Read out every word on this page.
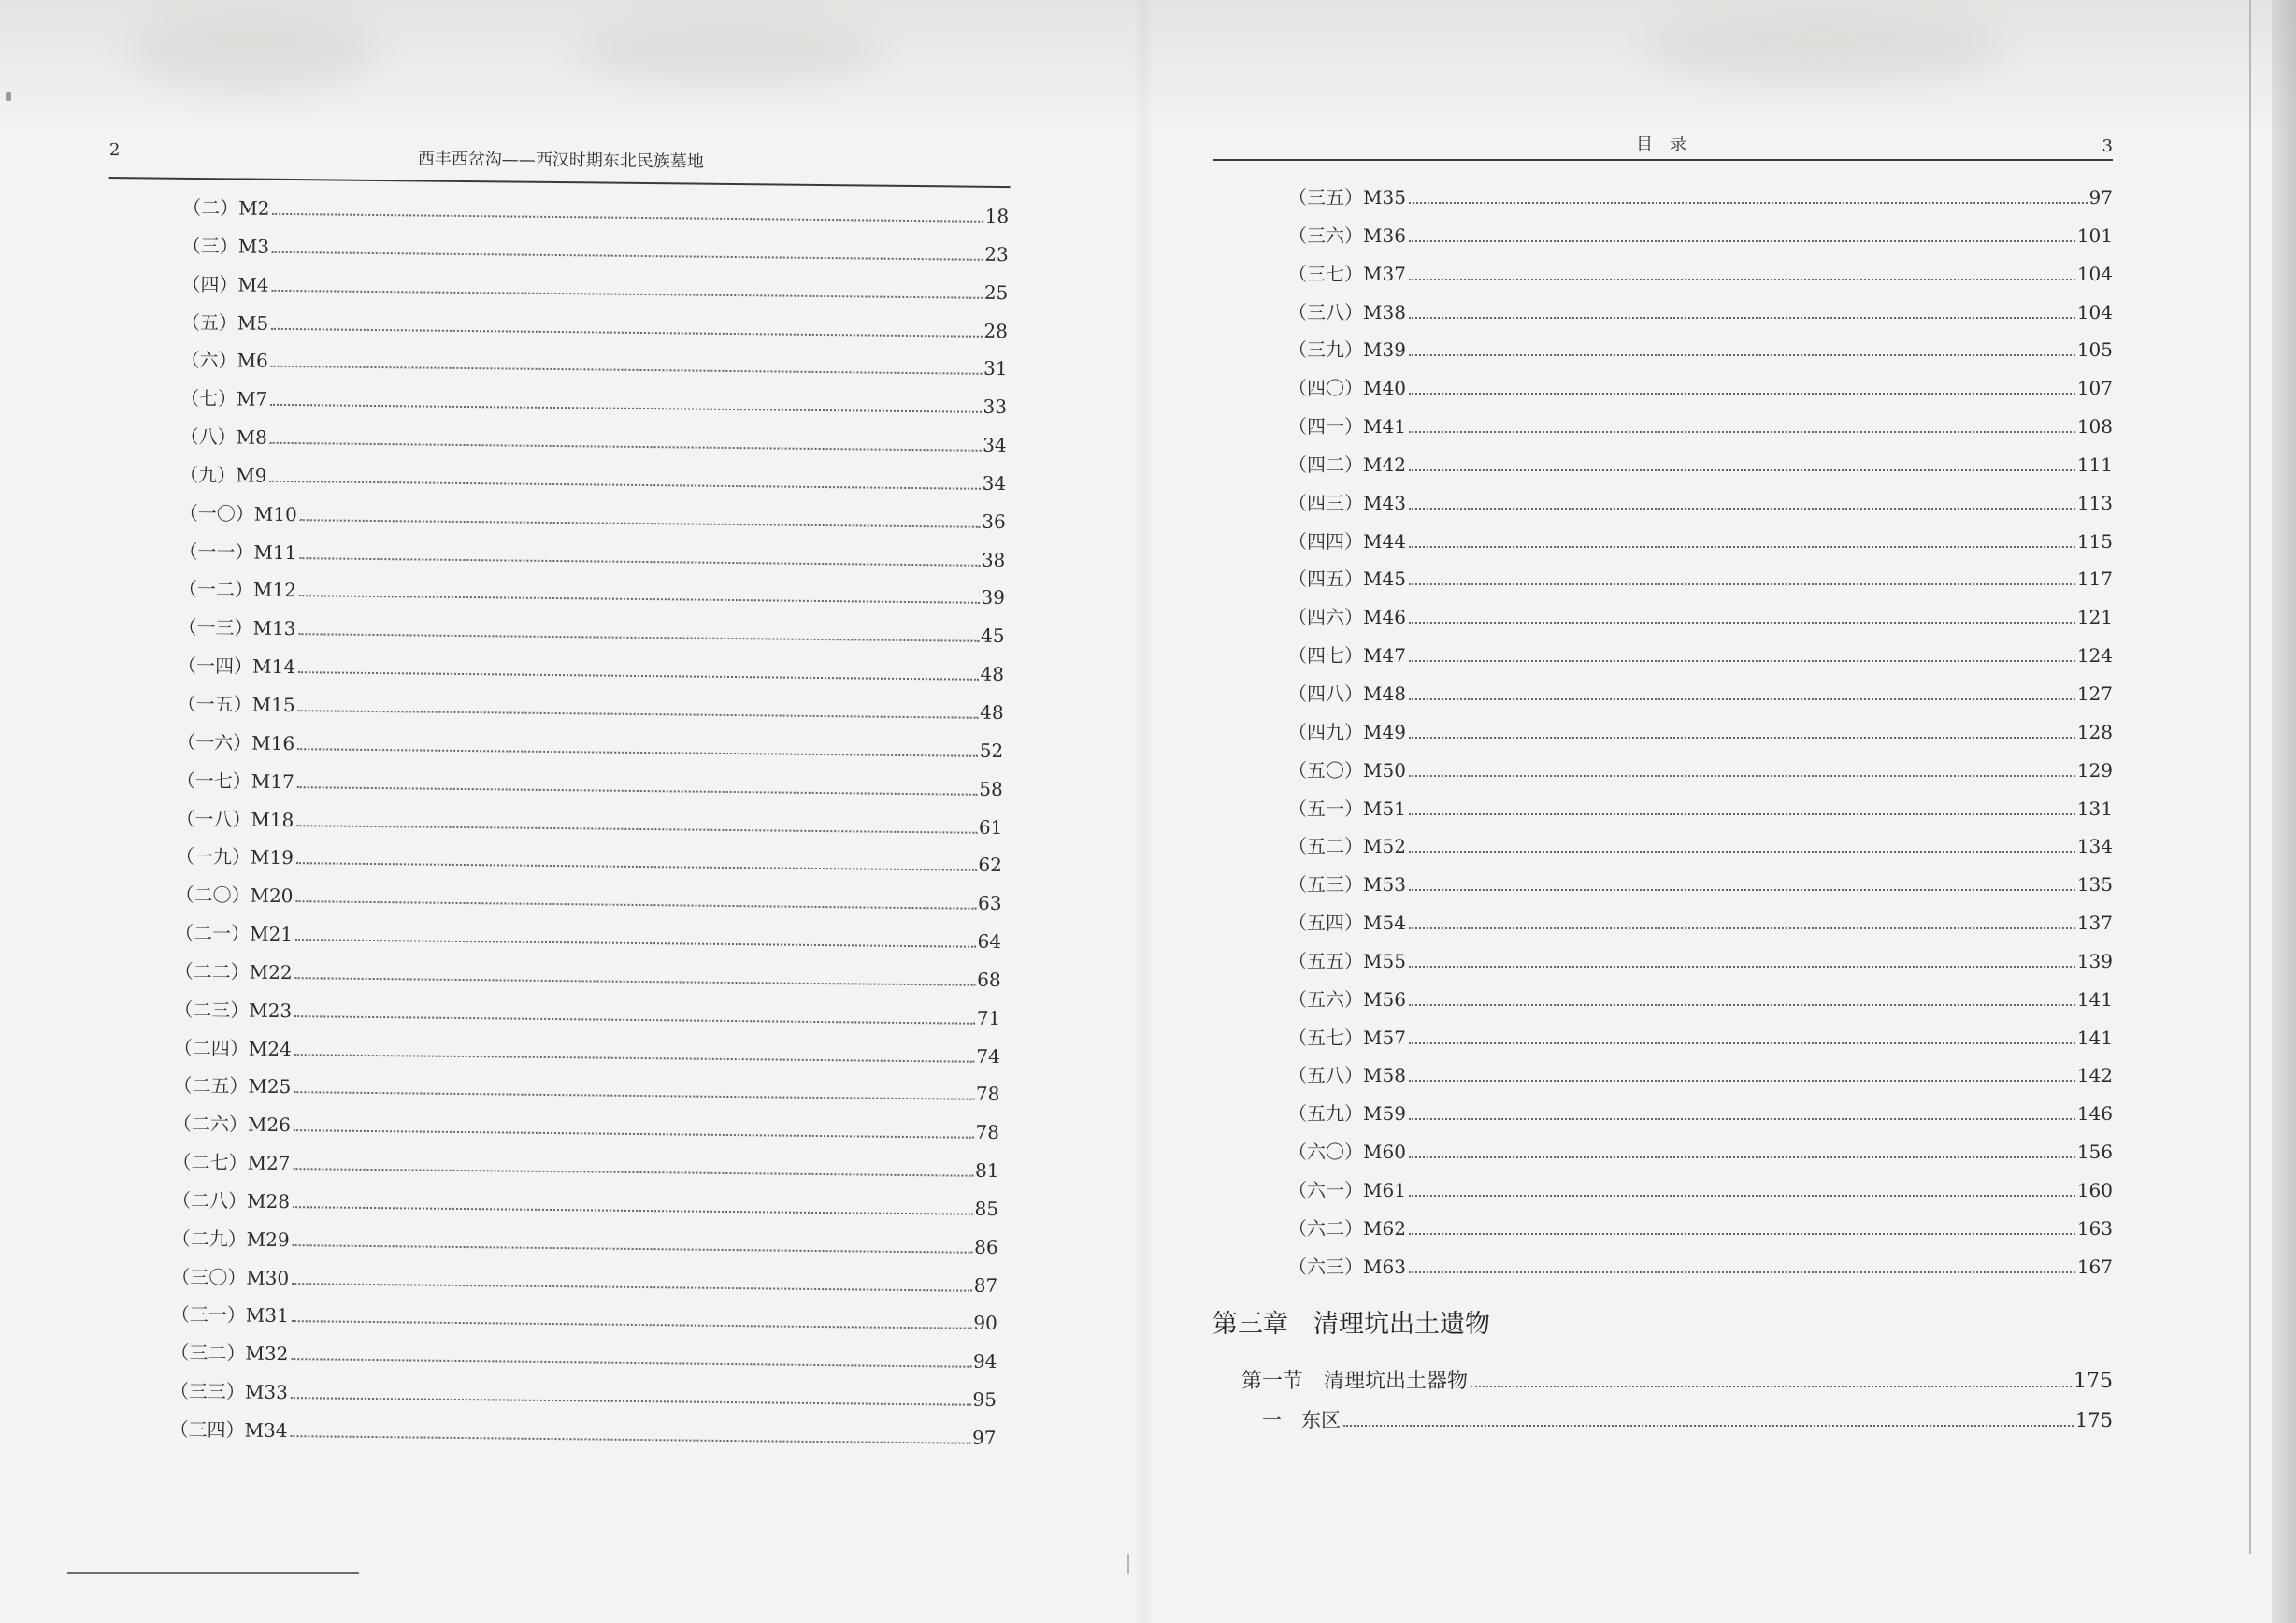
2	西丰西岔沟——西汉时期东北民族墓地
（二）M2	18
（三）M3	23
（四）M4	25
（五）M5	28
（六）M6	31
（七）M7	33
（八）M8	34
（九）M9	34
（一〇）M10	36
（一一）M11	38
（一二）M12	39
（一三）M13	45
（一四）M14	48
（一五）M15	48
（一六）M16	52
（一七）M17	58
（一八）M18	61
（一九）M19	62
（二〇）M20	63
（二一）M21	64
（二二）M22	68
（二三）M23	71
（二四）M24	74
（二五）M25	78
（二六）M26	78
（二七）M27	81
（二八）M28	85
（二九）M29	86
（三〇）M30	87
（三一）M31	90
（三二）M32	94
（三三）M33	95
（三四）M34	97
目　录	3
（三五）M35	97
（三六）M36	101
（三七）M37	104
（三八）M38	104
（三九）M39	105
（四〇）M40	107
（四一）M41	108
（四二）M42	111
（四三）M43	113
（四四）M44	115
（四五）M45	117
（四六）M46	121
（四七）M47	124
（四八）M48	127
（四九）M49	128
（五〇）M50	129
（五一）M51	131
（五二）M52	134
（五三）M53	135
（五四）M54	137
（五五）M55	139
（五六）M56	141
（五七）M57	141
（五八）M58	142
（五九）M59	146
（六〇）M60	156
（六一）M61	160
（六二）M62	163
（六三）M63	167
第三章　清理坑出土遗物
第一节　清理坑出土器物	175
一　东区	175
